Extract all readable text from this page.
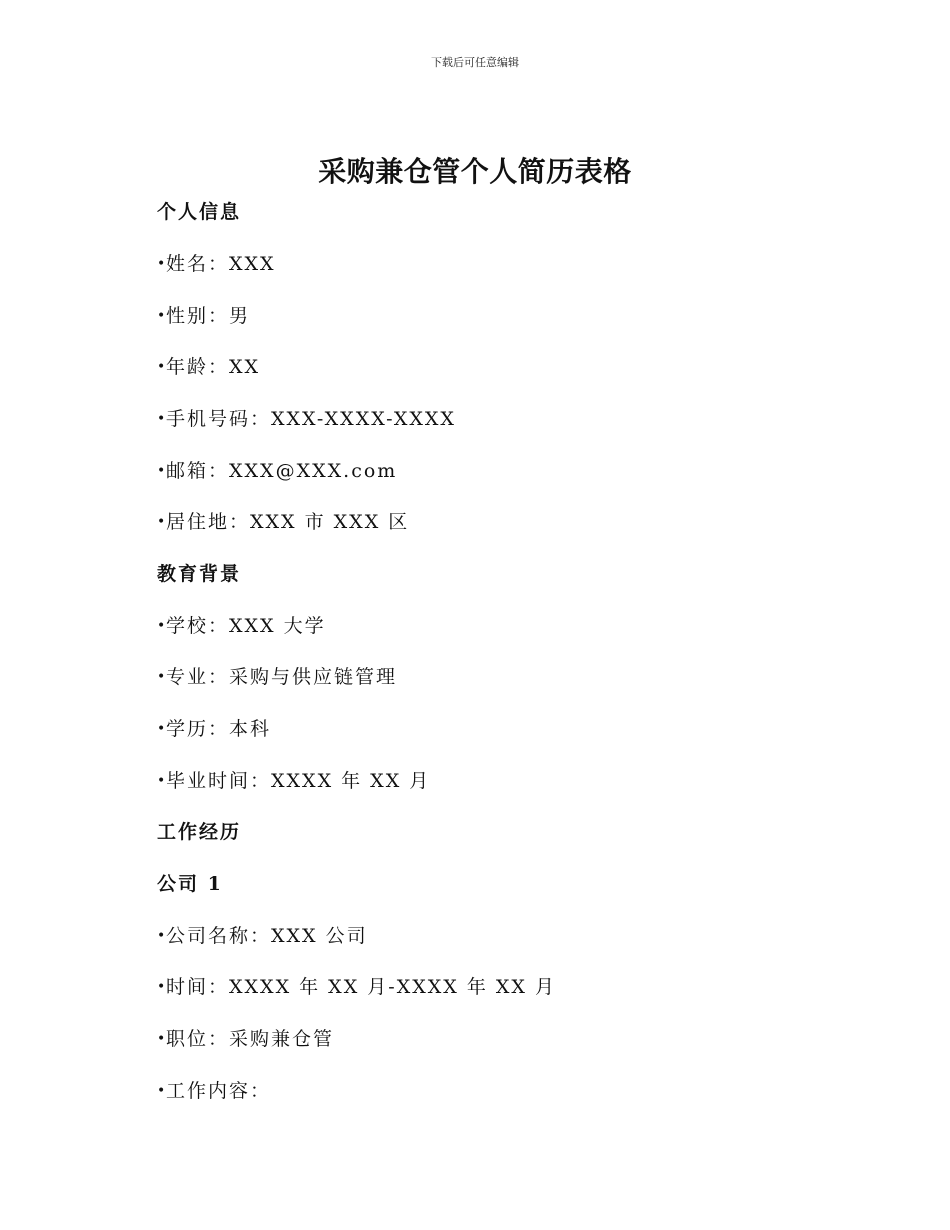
下载后可任意编辑
采购兼仓管个人简历表格
个人信息
•姓名：XXX
•性别：男
•年龄：XX
•手机号码：XXX-XXXX-XXXX
•邮箱：XXX@XXX.com
•居住地：XXX 市 XXX 区
教育背景
•学校：XXX 大学
•专业：采购与供应链管理
•学历：本科
•毕业时间：XXXX 年 XX 月
工作经历
公司 1
•公司名称：XXX 公司
•时间：XXXX 年 XX 月-XXXX 年 XX 月
•职位：采购兼仓管
•工作内容：
